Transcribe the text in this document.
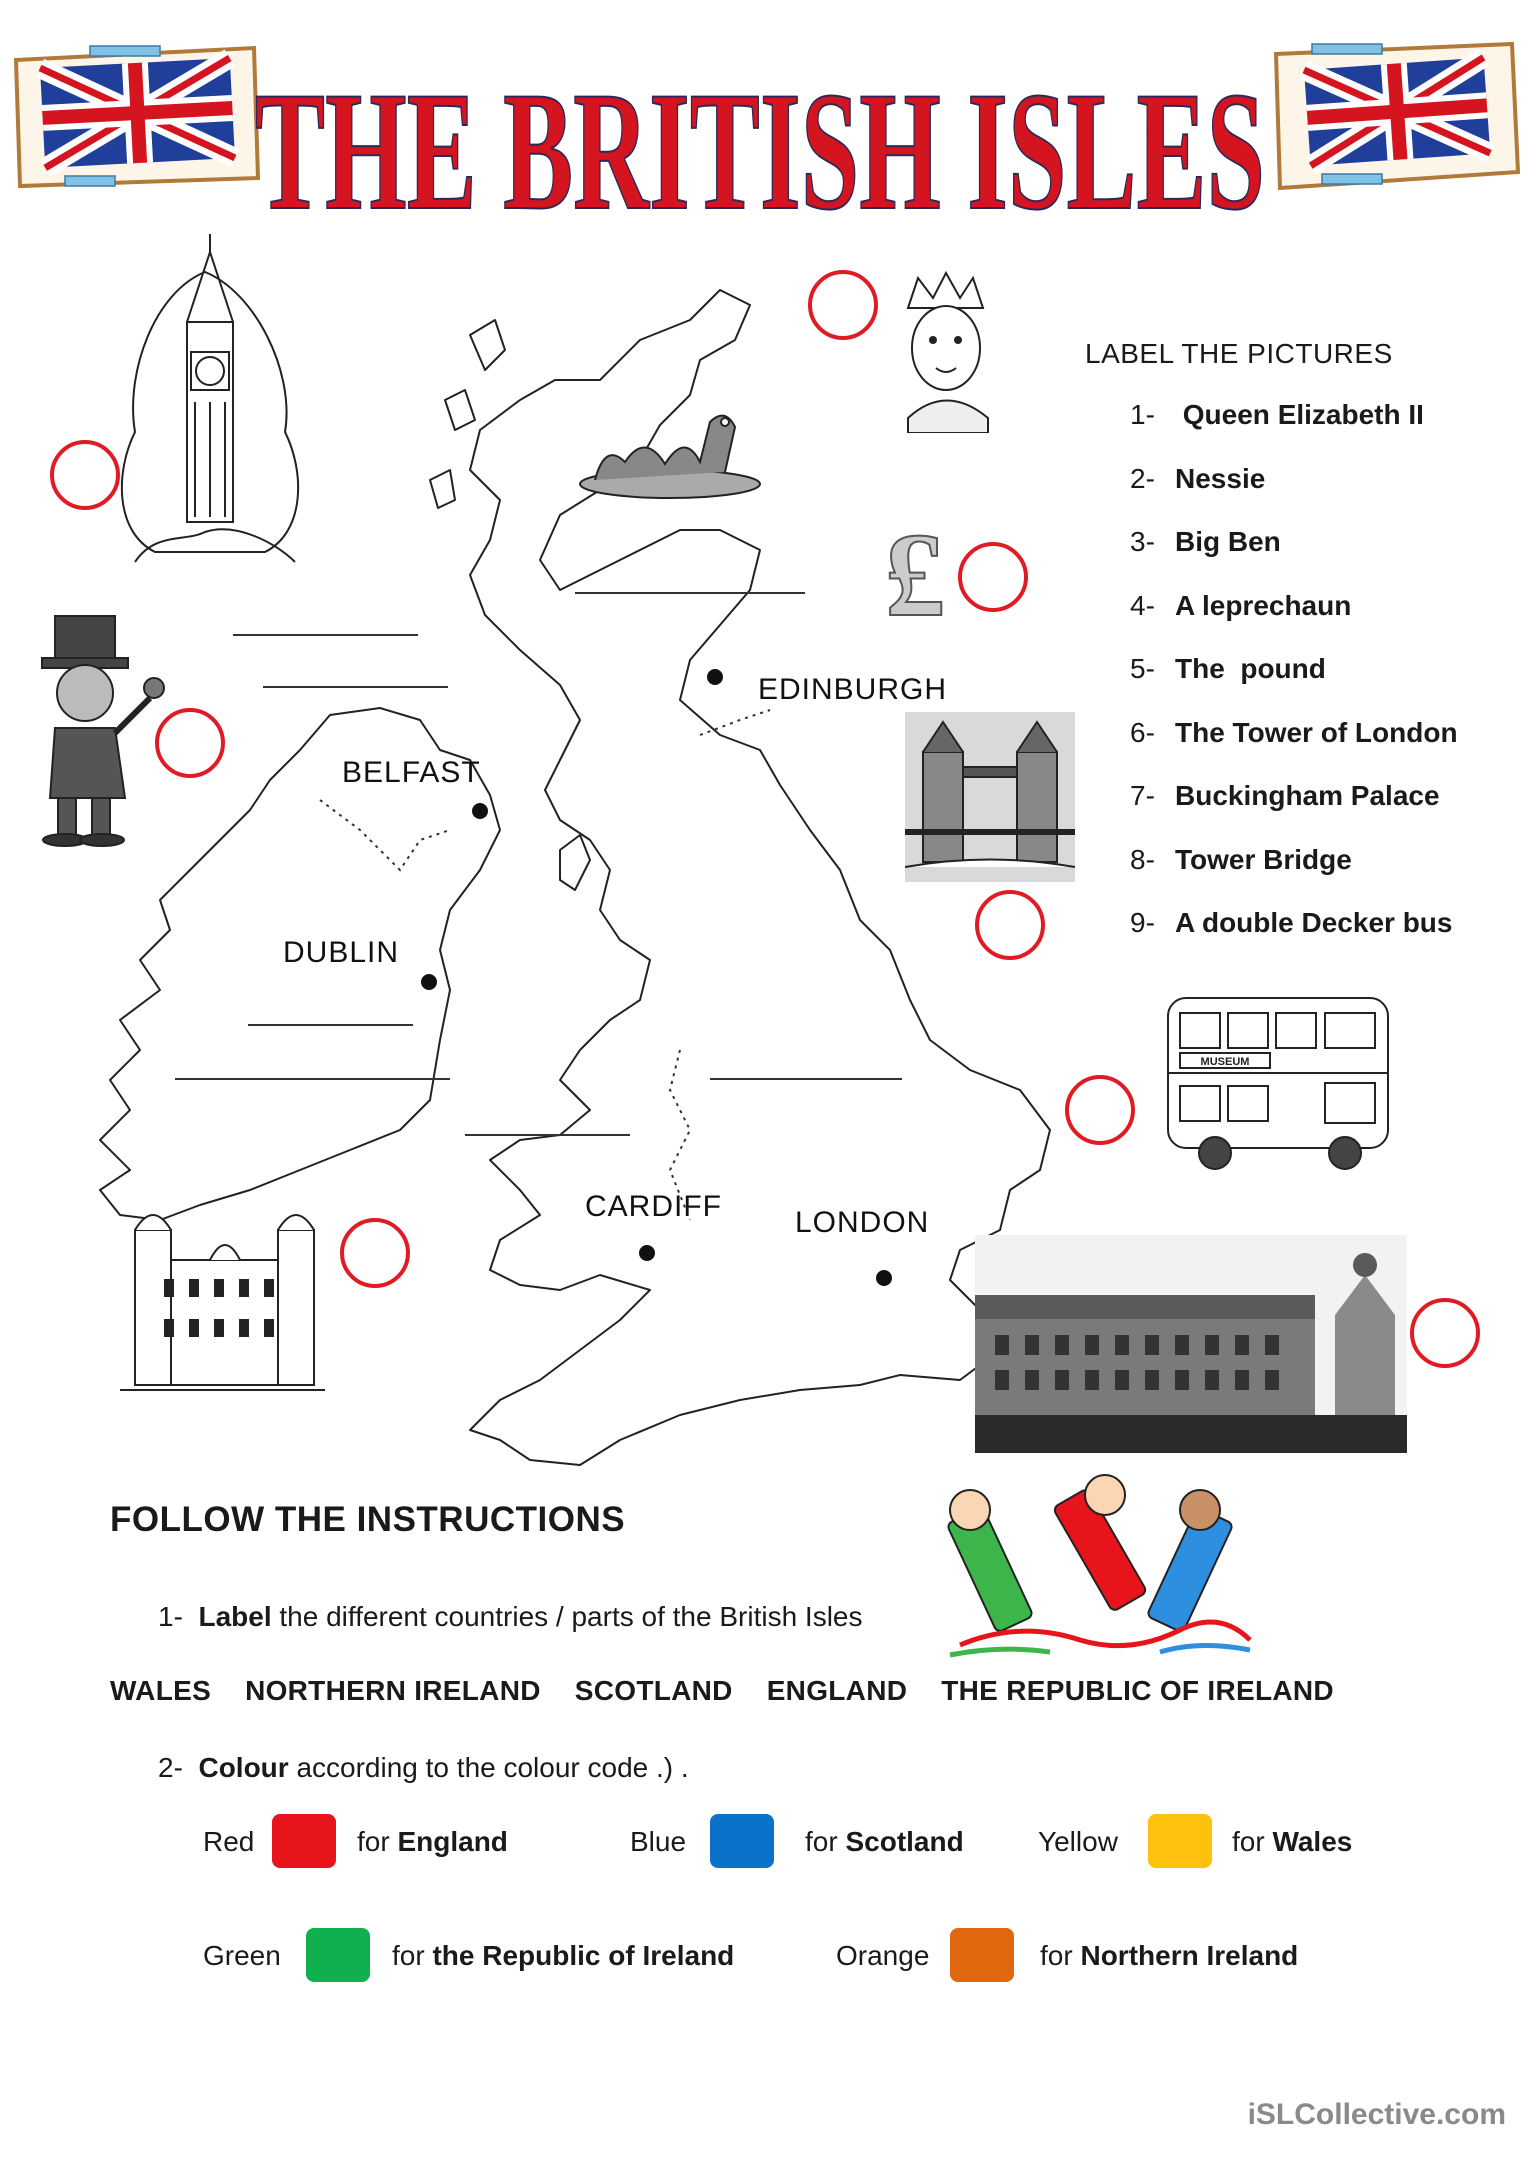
THE BRITISH ISLES
EDINBURGH
BELFAST
DUBLIN
CARDIFF LONDON
£
MUSEUM
LABEL THE PICTURES
1- Queen Elizabeth II
2- Nessie
3- Big Ben
4- A leprechaun
5- The  pound
6- The Tower of London
7- Buckingham Palace
8- Tower Bridge
9- A double Decker bus
FOLLOW THE INSTRUCTIONS
1- Label the different countries / parts of the British Isles
WALES NORTHERN IRELAND SCOTLAND ENGLAND THE REPUBLIC OF IRELAND
2- Colour according to the colour code .) .
Red	for England	Blue	for Scotland	Yellow	for Wales
Green	for the Republic of Ireland	Orange	for Northern Ireland
iSLCollective.com
